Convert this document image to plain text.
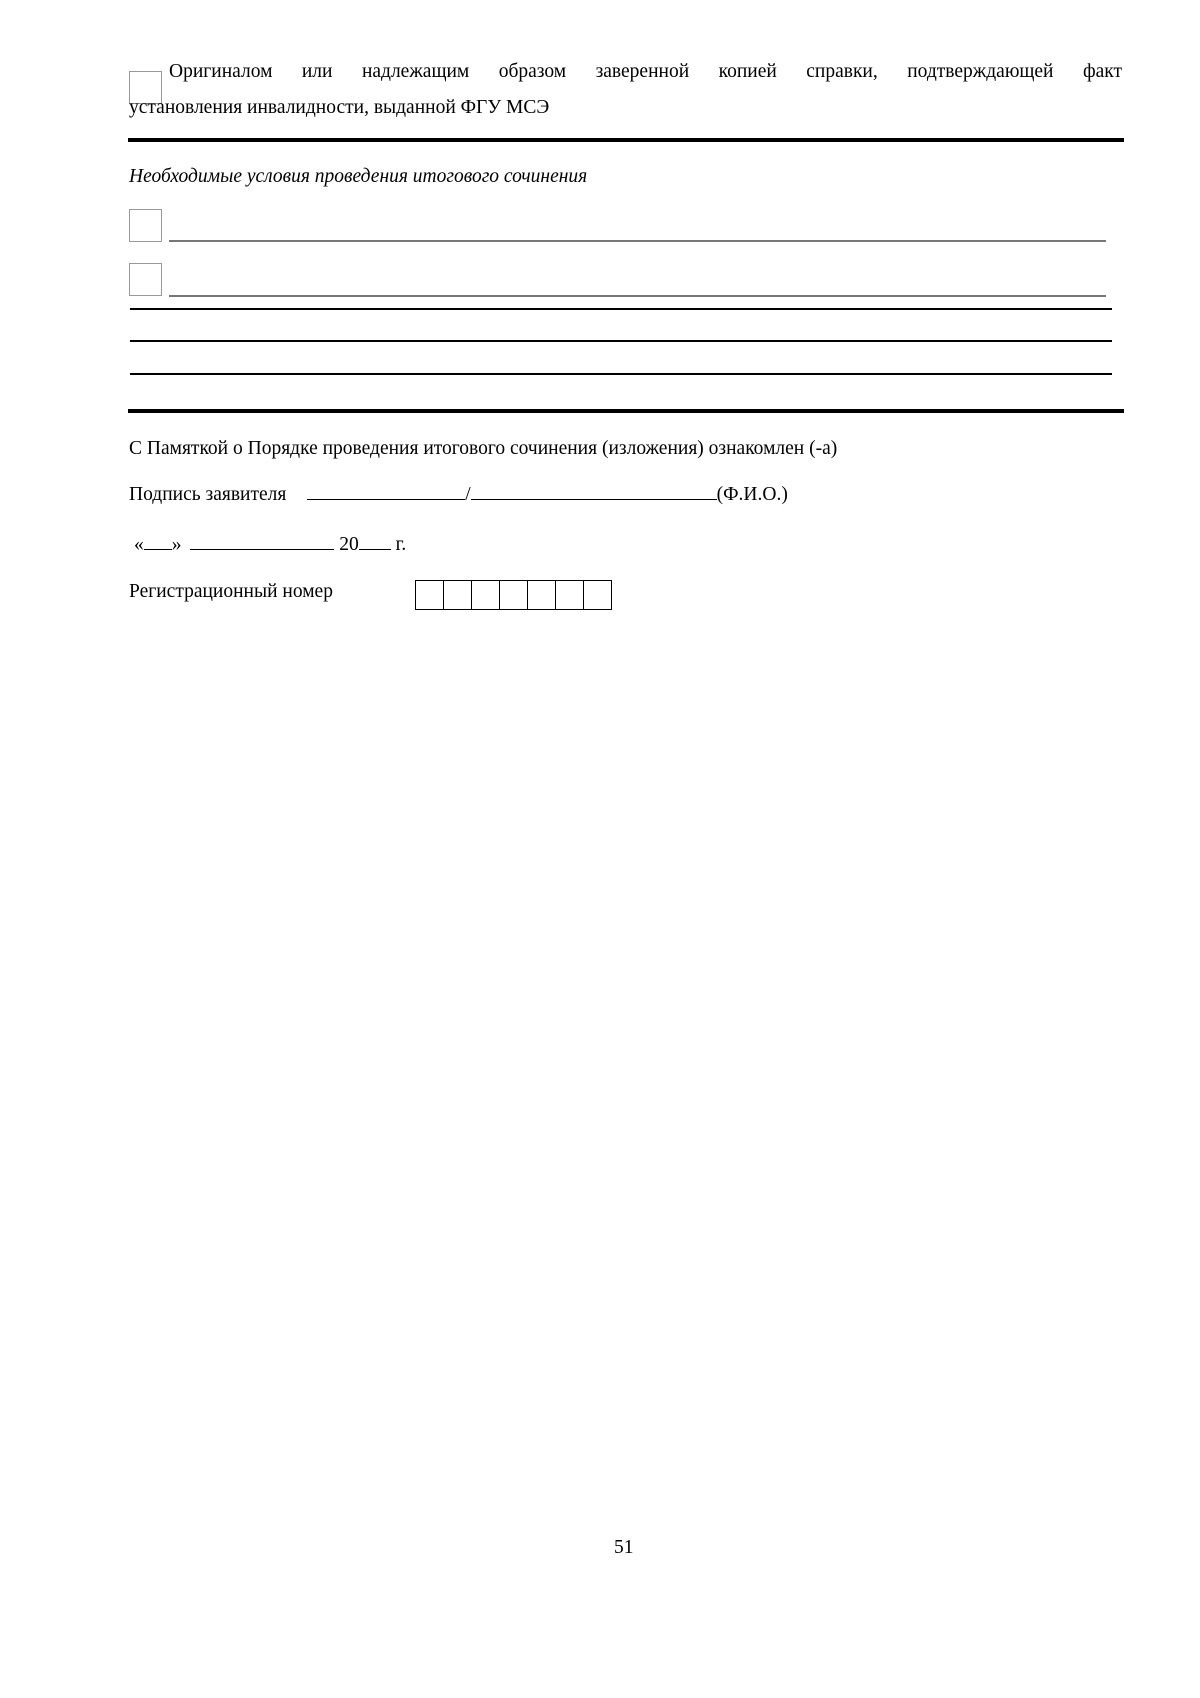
Оригиналом или надлежащим образом заверенной копией справки, подтверждающей факт
установления инвалидности, выданной ФГУ МСЭ
Необходимые условия проведения итогового сочинения
С Памяткой о Порядке проведения итогового сочинения (изложения) ознакомлен (-а)
Подпись заявителя	/	(Ф.И.О.)
« »	20 г.
Регистрационный номер
51
